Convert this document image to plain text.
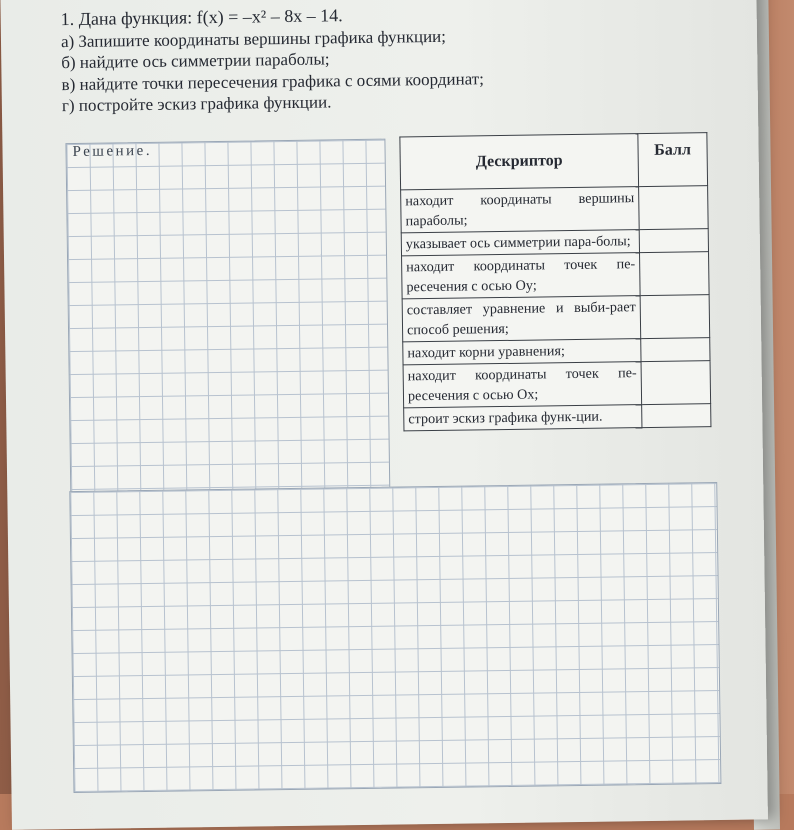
1. Дана функция: f(x) = –x² – 8x – 14.
а) Запишите координаты вершины графика функции;
б) найдите ось симметрии параболы;
в) найдите точки пересечения графика с осями координат;
г) постройте эскиз графика функции.
Решение.
Дескриптор	Балл
находит координаты вершины параболы;	
указывает ось симметрии пара-болы;	
находит координаты точек пе-ресечения с осью Oy;	
составляет уравнение и выби-рает способ решения;	
находит корни уравнения;	
находит координаты точек пе-ресечения с осью Ox;	
строит эскиз графика функ-ции.	
